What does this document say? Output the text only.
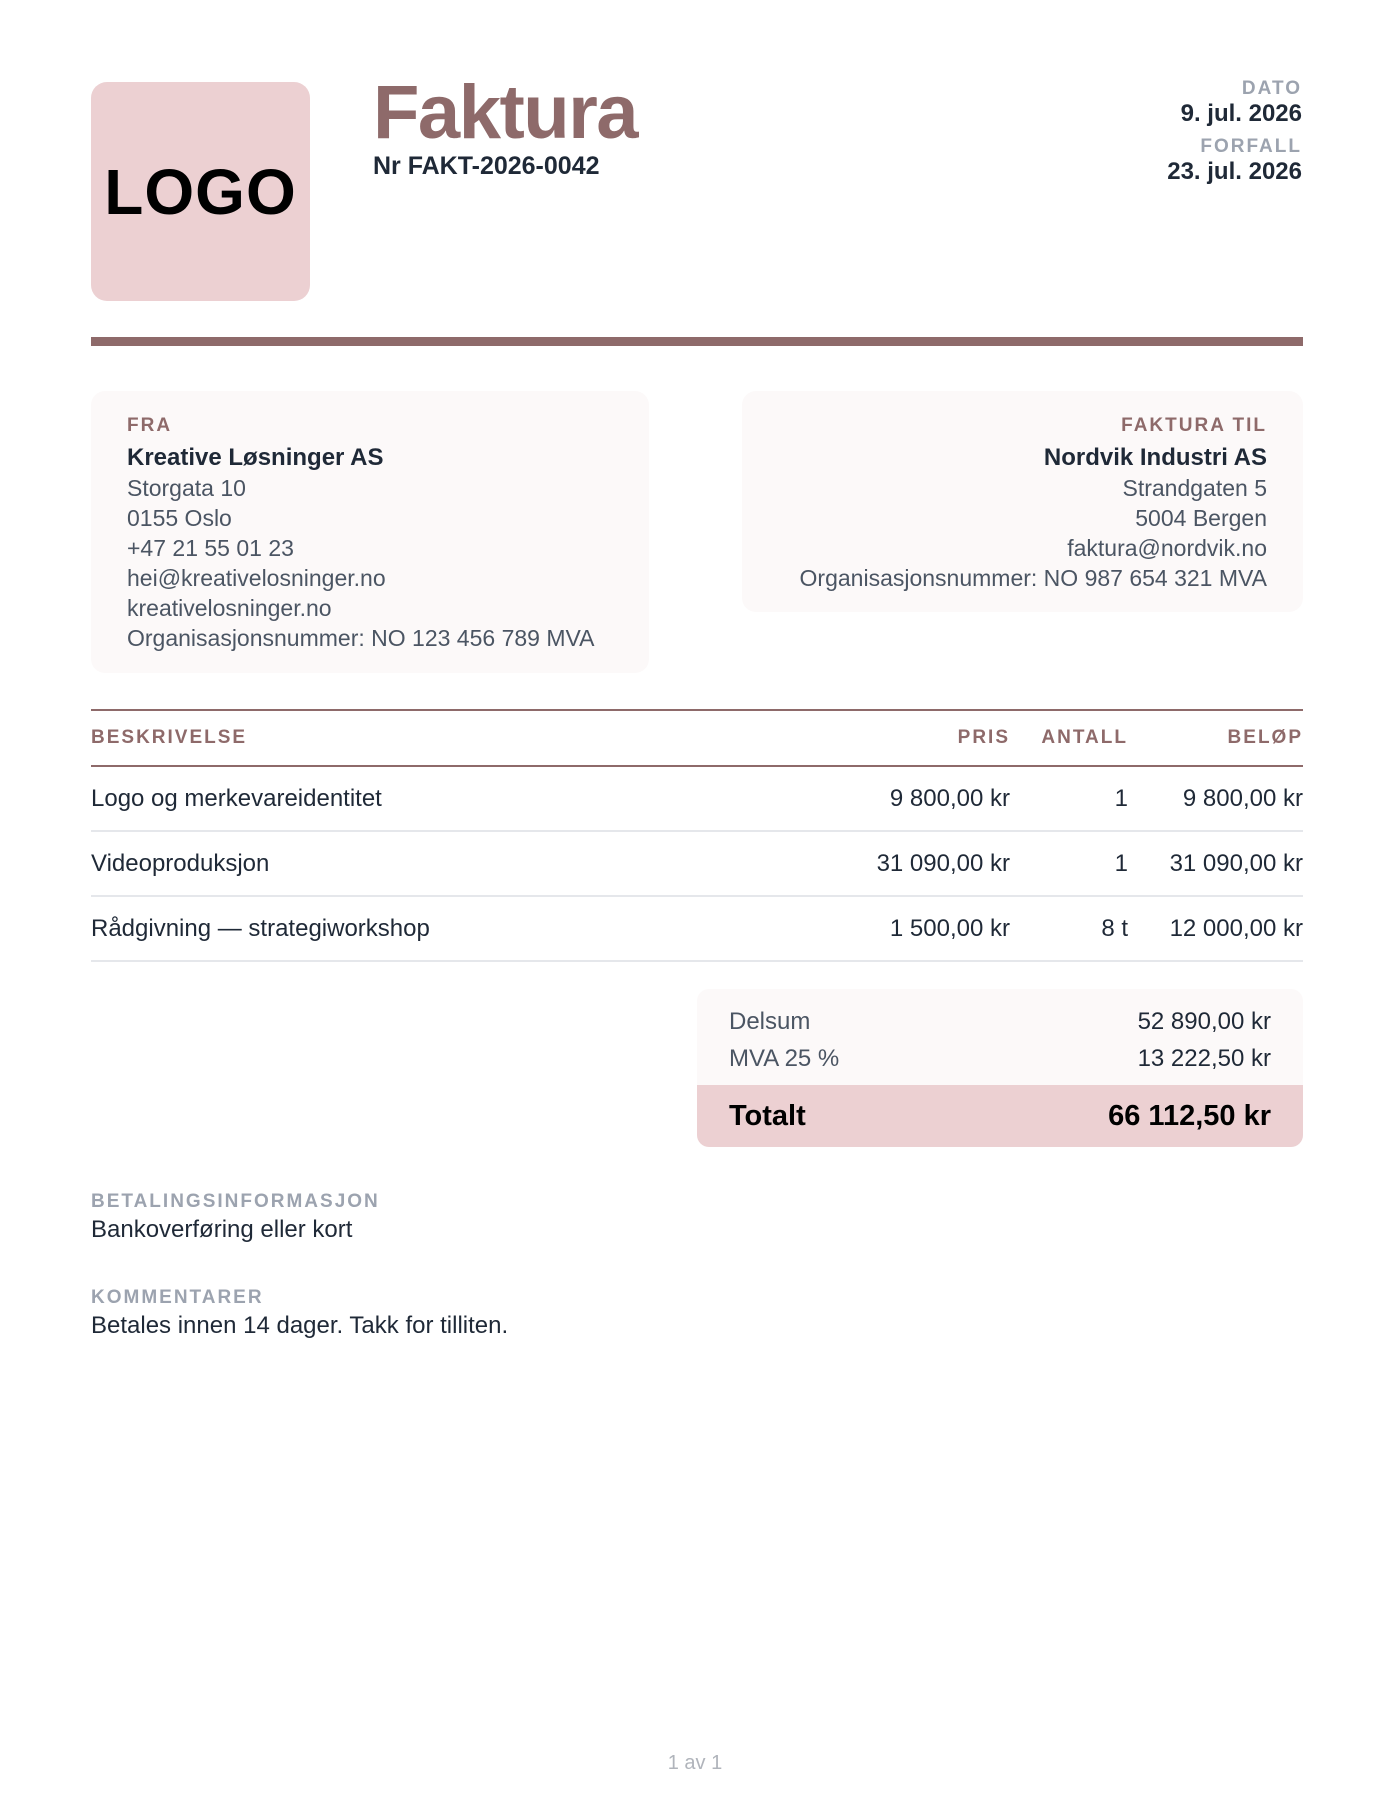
LOGO
Faktura
Nr FAKT-2026-0042
DATO
9. jul. 2026
FORFALL
23. jul. 2026
FRA
Kreative Løsninger AS
Storgata 10
0155 Oslo
+47 21 55 01 23
hei@kreativelosninger.no
kreativelosninger.no
Organisasjonsnummer: NO 123 456 789 MVA
FAKTURA TIL
Nordvik Industri AS
Strandgaten 5
5004 Bergen
faktura@nordvik.no
Organisasjonsnummer: NO 987 654 321 MVA
BESKRIVELSE	PRIS	ANTALL	BELØP
Logo og merkevareidentitet	9 800,00 kr	1	9 800,00 kr
Videoproduksjon	31 090,00 kr	1	31 090,00 kr
Rådgivning — strategiworkshop	1 500,00 kr	8 t	12 000,00 kr
Delsum	52 890,00 kr
MVA 25 %	13 222,50 kr
Totalt	66 112,50 kr
BETALINGSINFORMASJON
Bankoverføring eller kort
KOMMENTARER
Betales innen 14 dager. Takk for tilliten.
1 av 1
